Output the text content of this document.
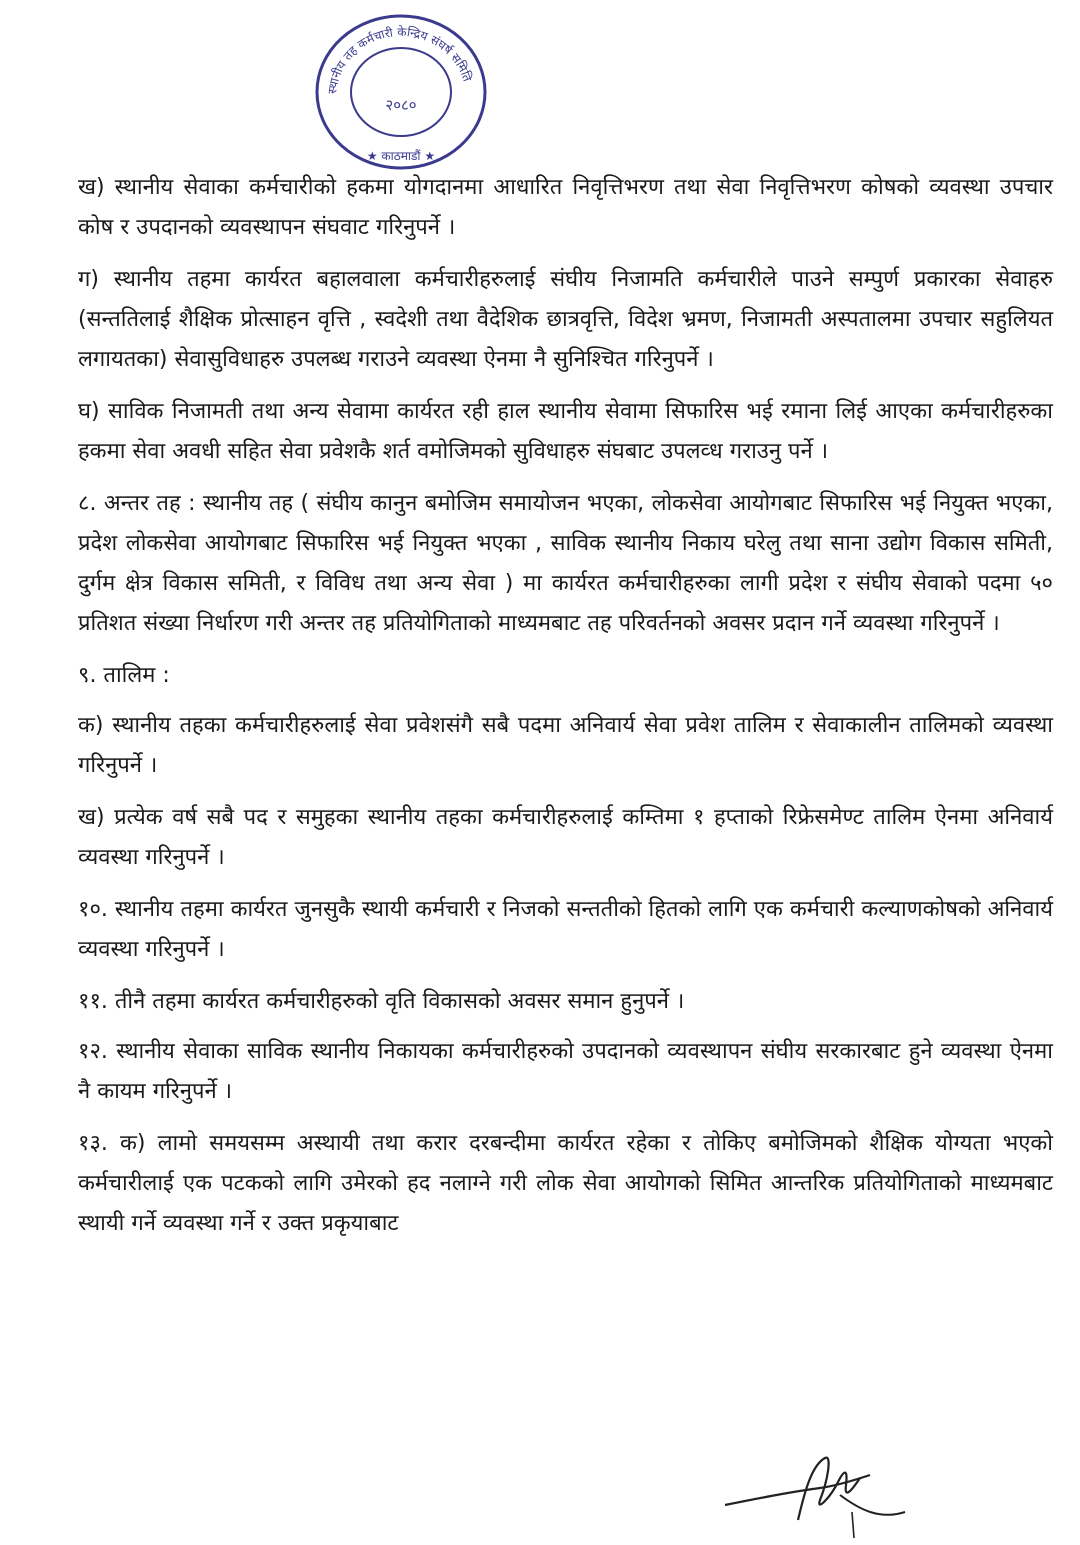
स्थानीय तह कर्मचारी केन्द्रिय संघर्ष समिति
२०८०
★ काठमाडौं ★

ख) स्थानीय सेवाका कर्मचारीको हकमा योगदानमा आधारित निवृत्तिभरण तथा सेवा निवृत्तिभरण कोषको व्यवस्था उपचार कोष र उपदानको व्यवस्थापन संघवाट गरिनुपर्ने ।

ग) स्थानीय तहमा कार्यरत बहालवाला कर्मचारीहरुलाई संघीय निजामति कर्मचारीले पाउने सम्पुर्ण प्रकारका सेवाहरु (सन्ततिलाई शैक्षिक प्रोत्साहन वृत्ति , स्वदेशी तथा वैदेशिक छात्रवृत्ति, विदेश भ्रमण, निजामती अस्पतालमा उपचार सहुलियत लगायतका) सेवासुविधाहरु उपलब्ध गराउने व्यवस्था ऐनमा नै सुनिश्चित गरिनुपर्ने ।

घ) साविक निजामती तथा अन्य सेवामा कार्यरत रही हाल स्थानीय सेवामा सिफारिस भई रमाना लिई आएका कर्मचारीहरुका हकमा सेवा अवधी सहित सेवा प्रवेशकै शर्त वमोजिमको सुविधाहरु संघबाट उपलव्ध गराउनु पर्ने ।

८. अन्तर तह : स्थानीय तह ( संघीय कानुन बमोजिम समायोजन भएका, लोकसेवा आयोगबाट सिफारिस भई नियुक्त भएका, प्रदेश लोकसेवा आयोगबाट सिफारिस भई नियुक्त भएका , साविक स्थानीय निकाय घरेलु तथा साना उद्योग विकास समिती, दुर्गम क्षेत्र विकास समिती, र विविध तथा अन्य सेवा ) मा कार्यरत कर्मचारीहरुका लागी प्रदेश र संघीय सेवाको पदमा ५० प्रतिशत संख्या निर्धारण गरी अन्तर तह प्रतियोगिताको माध्यमबाट तह परिवर्तनको अवसर प्रदान गर्ने व्यवस्था गरिनुपर्ने ।

९. तालिम :

क) स्थानीय तहका कर्मचारीहरुलाई सेवा प्रवेशसंगै सबै पदमा अनिवार्य सेवा प्रवेश तालिम र सेवाकालीन तालिमको व्यवस्था गरिनुपर्ने ।

ख) प्रत्येक वर्ष सबै पद र समुहका स्थानीय तहका कर्मचारीहरुलाई कम्तिमा १ हप्ताको रिफ्रेसमेण्ट तालिम ऐनमा अनिवार्य व्यवस्था गरिनुपर्ने ।

१०. स्थानीय तहमा कार्यरत जुनसुकै स्थायी कर्मचारी र निजको सन्ततीको हितको लागि एक कर्मचारी कल्याणकोषको अनिवार्य व्यवस्था गरिनुपर्ने ।

११. तीनै तहमा कार्यरत कर्मचारीहरुको वृति विकासको अवसर समान हुनुपर्ने ।

१२. स्थानीय सेवाका साविक स्थानीय निकायका कर्मचारीहरुको उपदानको व्यवस्थापन संघीय सरकारबाट हुने व्यवस्था ऐनमा नै कायम गरिनुपर्ने ।

१३. क) लामो समयसम्म अस्थायी तथा करार दरबन्दीमा कार्यरत रहेका र तोकिए बमोजिमको शैक्षिक योग्यता भएको कर्मचारीलाई एक पटकको लागि उमेरको हद नलाग्ने गरी लोक सेवा आयोगको सिमित आन्तरिक प्रतियोगिताको माध्यमबाट स्थायी गर्ने व्यवस्था गर्ने र उक्त प्रकृयाबाट
